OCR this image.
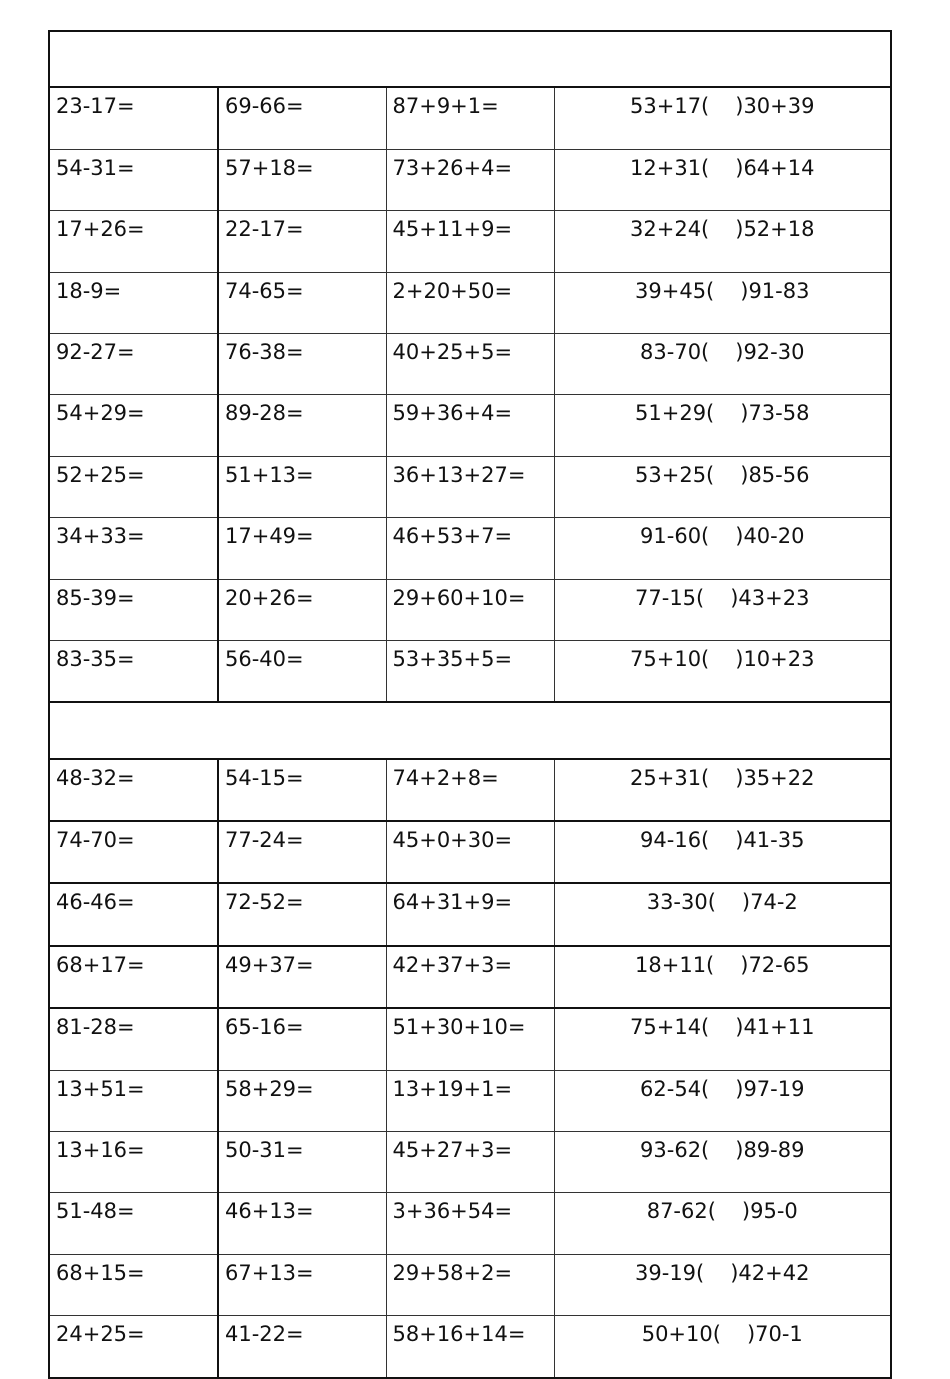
23-17=	69-66=	87+9+1=	53+17( )30+39
54-31=	57+18=	73+26+4=	12+31( )64+14
17+26=	22-17=	45+11+9=	32+24( )52+18
18-9=	74-65=	2+20+50=	39+45( )91-83
92-27=	76-38=	40+25+5=	83-70( )92-30
54+29=	89-28=	59+36+4=	51+29( )73-58
52+25=	51+13=	36+13+27=	53+25( )85-56
34+33=	17+49=	46+53+7=	91-60( )40-20
85-39=	20+26=	29+60+10=	77-15( )43+23
83-35=	56-40=	53+35+5=	75+10( )10+23

48-32=	54-15=	74+2+8=	25+31( )35+22
74-70=	77-24=	45+0+30=	94-16( )41-35
46-46=	72-52=	64+31+9=	33-30( )74-2
68+17=	49+37=	42+37+3=	18+11( )72-65
81-28=	65-16=	51+30+10=	75+14( )41+11
13+51=	58+29=	13+19+1=	62-54( )97-19
13+16=	50-31=	45+27+3=	93-62( )89-89
51-48=	46+13=	3+36+54=	87-62( )95-0
68+15=	67+13=	29+58+2=	39-19( )42+42
24+25=	41-22=	58+16+14=	50+10( )70-1
